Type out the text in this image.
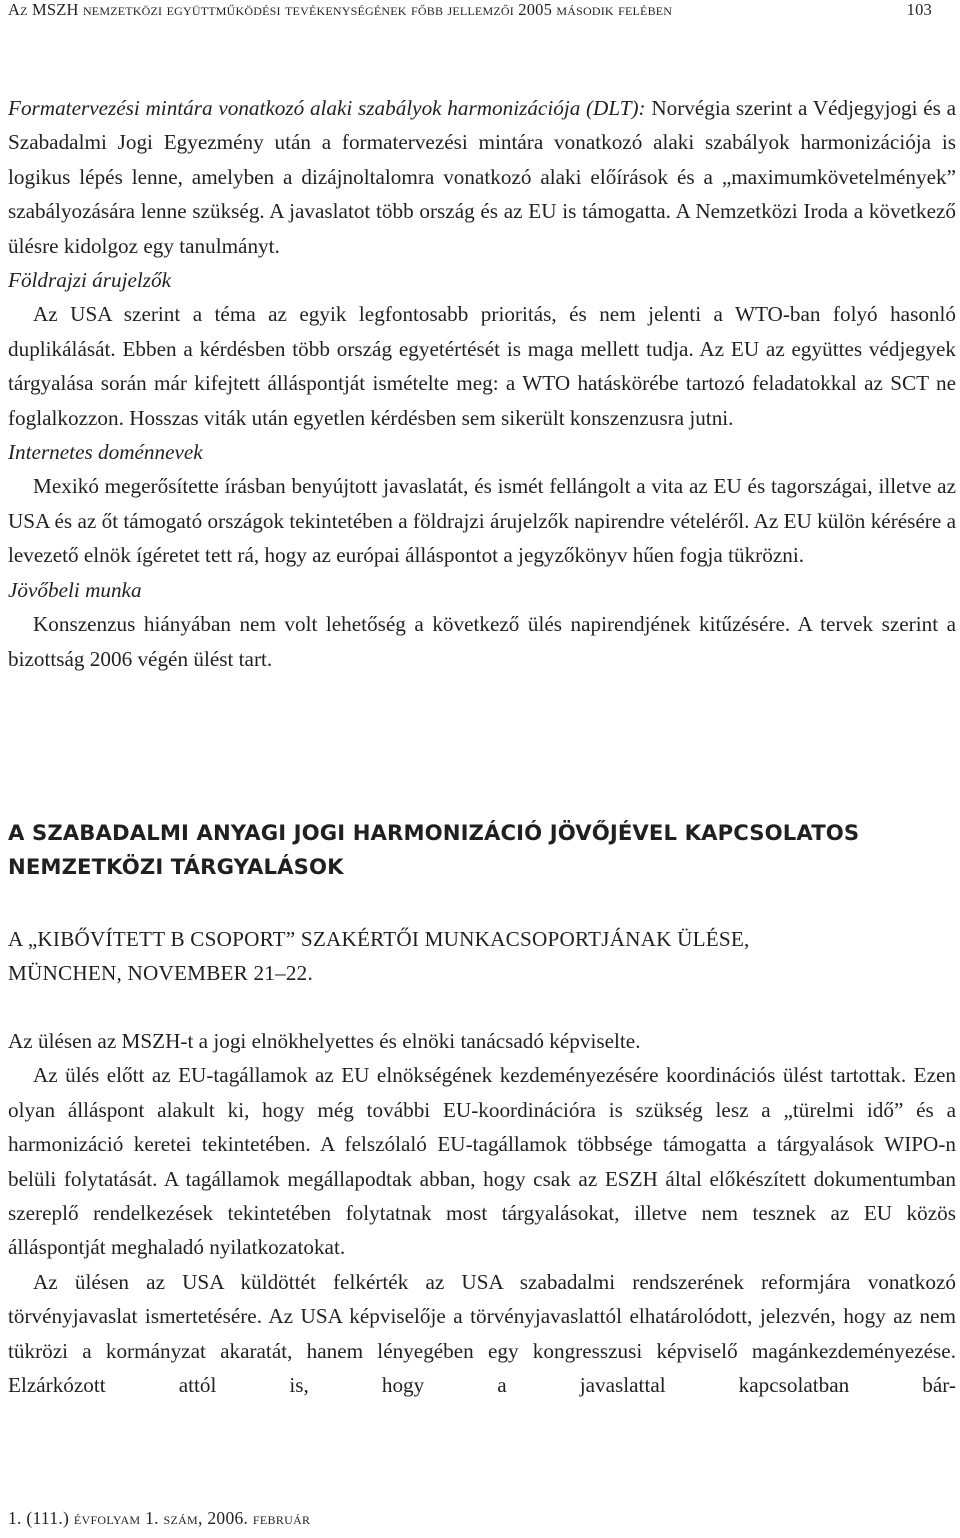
Az MSZH nemzetközi együttműködési tevékenységének főbb jellemzői 2005 második felében	103

Formatervezési mintára vonatkozó alaki szabályok harmonizációja (DLT): Norvégia szerint a Védjegyjogi és a Szabadalmi Jogi Egyezmény után a formatervezési mintára vonatkozó alaki szabályok harmonizációja is logikus lépés lenne, amelyben a dizájnoltalomra vonatkozó alaki előírások és a „maximumkövetelmények” szabályozására lenne szükség. A javaslatot több ország és az EU is támogatta. A Nemzetközi Iroda a következő ülésre kidolgoz egy tanulmányt.

Földrajzi árujelzők

Az USA szerint a téma az egyik legfontosabb prioritás, és nem jelenti a WTO-ban folyó hasonló duplikálását. Ebben a kérdésben több ország egyetértését is maga mellett tudja. Az EU az együttes védjegyek tárgyalása során már kifejtett álláspontját ismételte meg: a WTO hatáskörébe tartozó feladatokkal az SCT ne foglalkozzon. Hosszas viták után egyetlen kérdésben sem sikerült konszenzusra jutni.

Internetes doménnevek

Mexikó megerősítette írásban benyújtott javaslatát, és ismét fellángolt a vita az EU és tagországai, illetve az USA és az őt támogató országok tekintetében a földrajzi árujelzők napirendre vételéről. Az EU külön kérésére a levezető elnök ígéretet tett rá, hogy az európai álláspontot a jegyzőkönyv hűen fogja tükrözni.

Jövőbeli munka

Konszenzus hiányában nem volt lehetőség a következő ülés napirendjének kitűzésére. A tervek szerint a bizottság 2006 végén ülést tart.

A SZABADALMI ANYAGI JOGI HARMONIZÁCIÓ JÖVŐJÉVEL KAPCSOLATOS

NEMZETKÖZI TÁRGYALÁSOK

A „KIBŐVÍTETT B CSOPORT” SZAKÉRTŐI MUNKACSOPORTJÁNAK ÜLÉSE,

MÜNCHEN, NOVEMBER 21–22.

Az ülésen az MSZH-t a jogi elnökhelyettes és elnöki tanácsadó képviselte.

Az ülés előtt az EU-tagállamok az EU elnökségének kezdeményezésére koordinációs ülést tartottak. Ezen olyan álláspont alakult ki, hogy még további EU-koordinációra is szükség lesz a „türelmi idő” és a harmonizáció keretei tekintetében. A felszólaló EU-tagállamok többsége támogatta a tárgyalások WIPO-n belüli folytatását. A tagállamok megállapodtak abban, hogy csak az ESZH által előkészített dokumentumban szereplő rendelkezések tekintetében folytatnak most tárgyalásokat, illetve nem tesznek az EU közös álláspontját meghaladó nyilatkozatokat.

Az ülésen az USA küldöttét felkérték az USA szabadalmi rendszerének reformjára vonatkozó törvényjavaslat ismertetésére. Az USA képviselője a törvényjavaslattól elhatárolódott, jelezvén, hogy az nem tükrözi a kormányzat akaratát, hanem lényegében egy kongresszusi képviselő magánkezdeményezése. Elzárkózott attól is, hogy a javaslattal kapcsolatban bár-

1. (111.) évfolyam 1. szám, 2006. február
